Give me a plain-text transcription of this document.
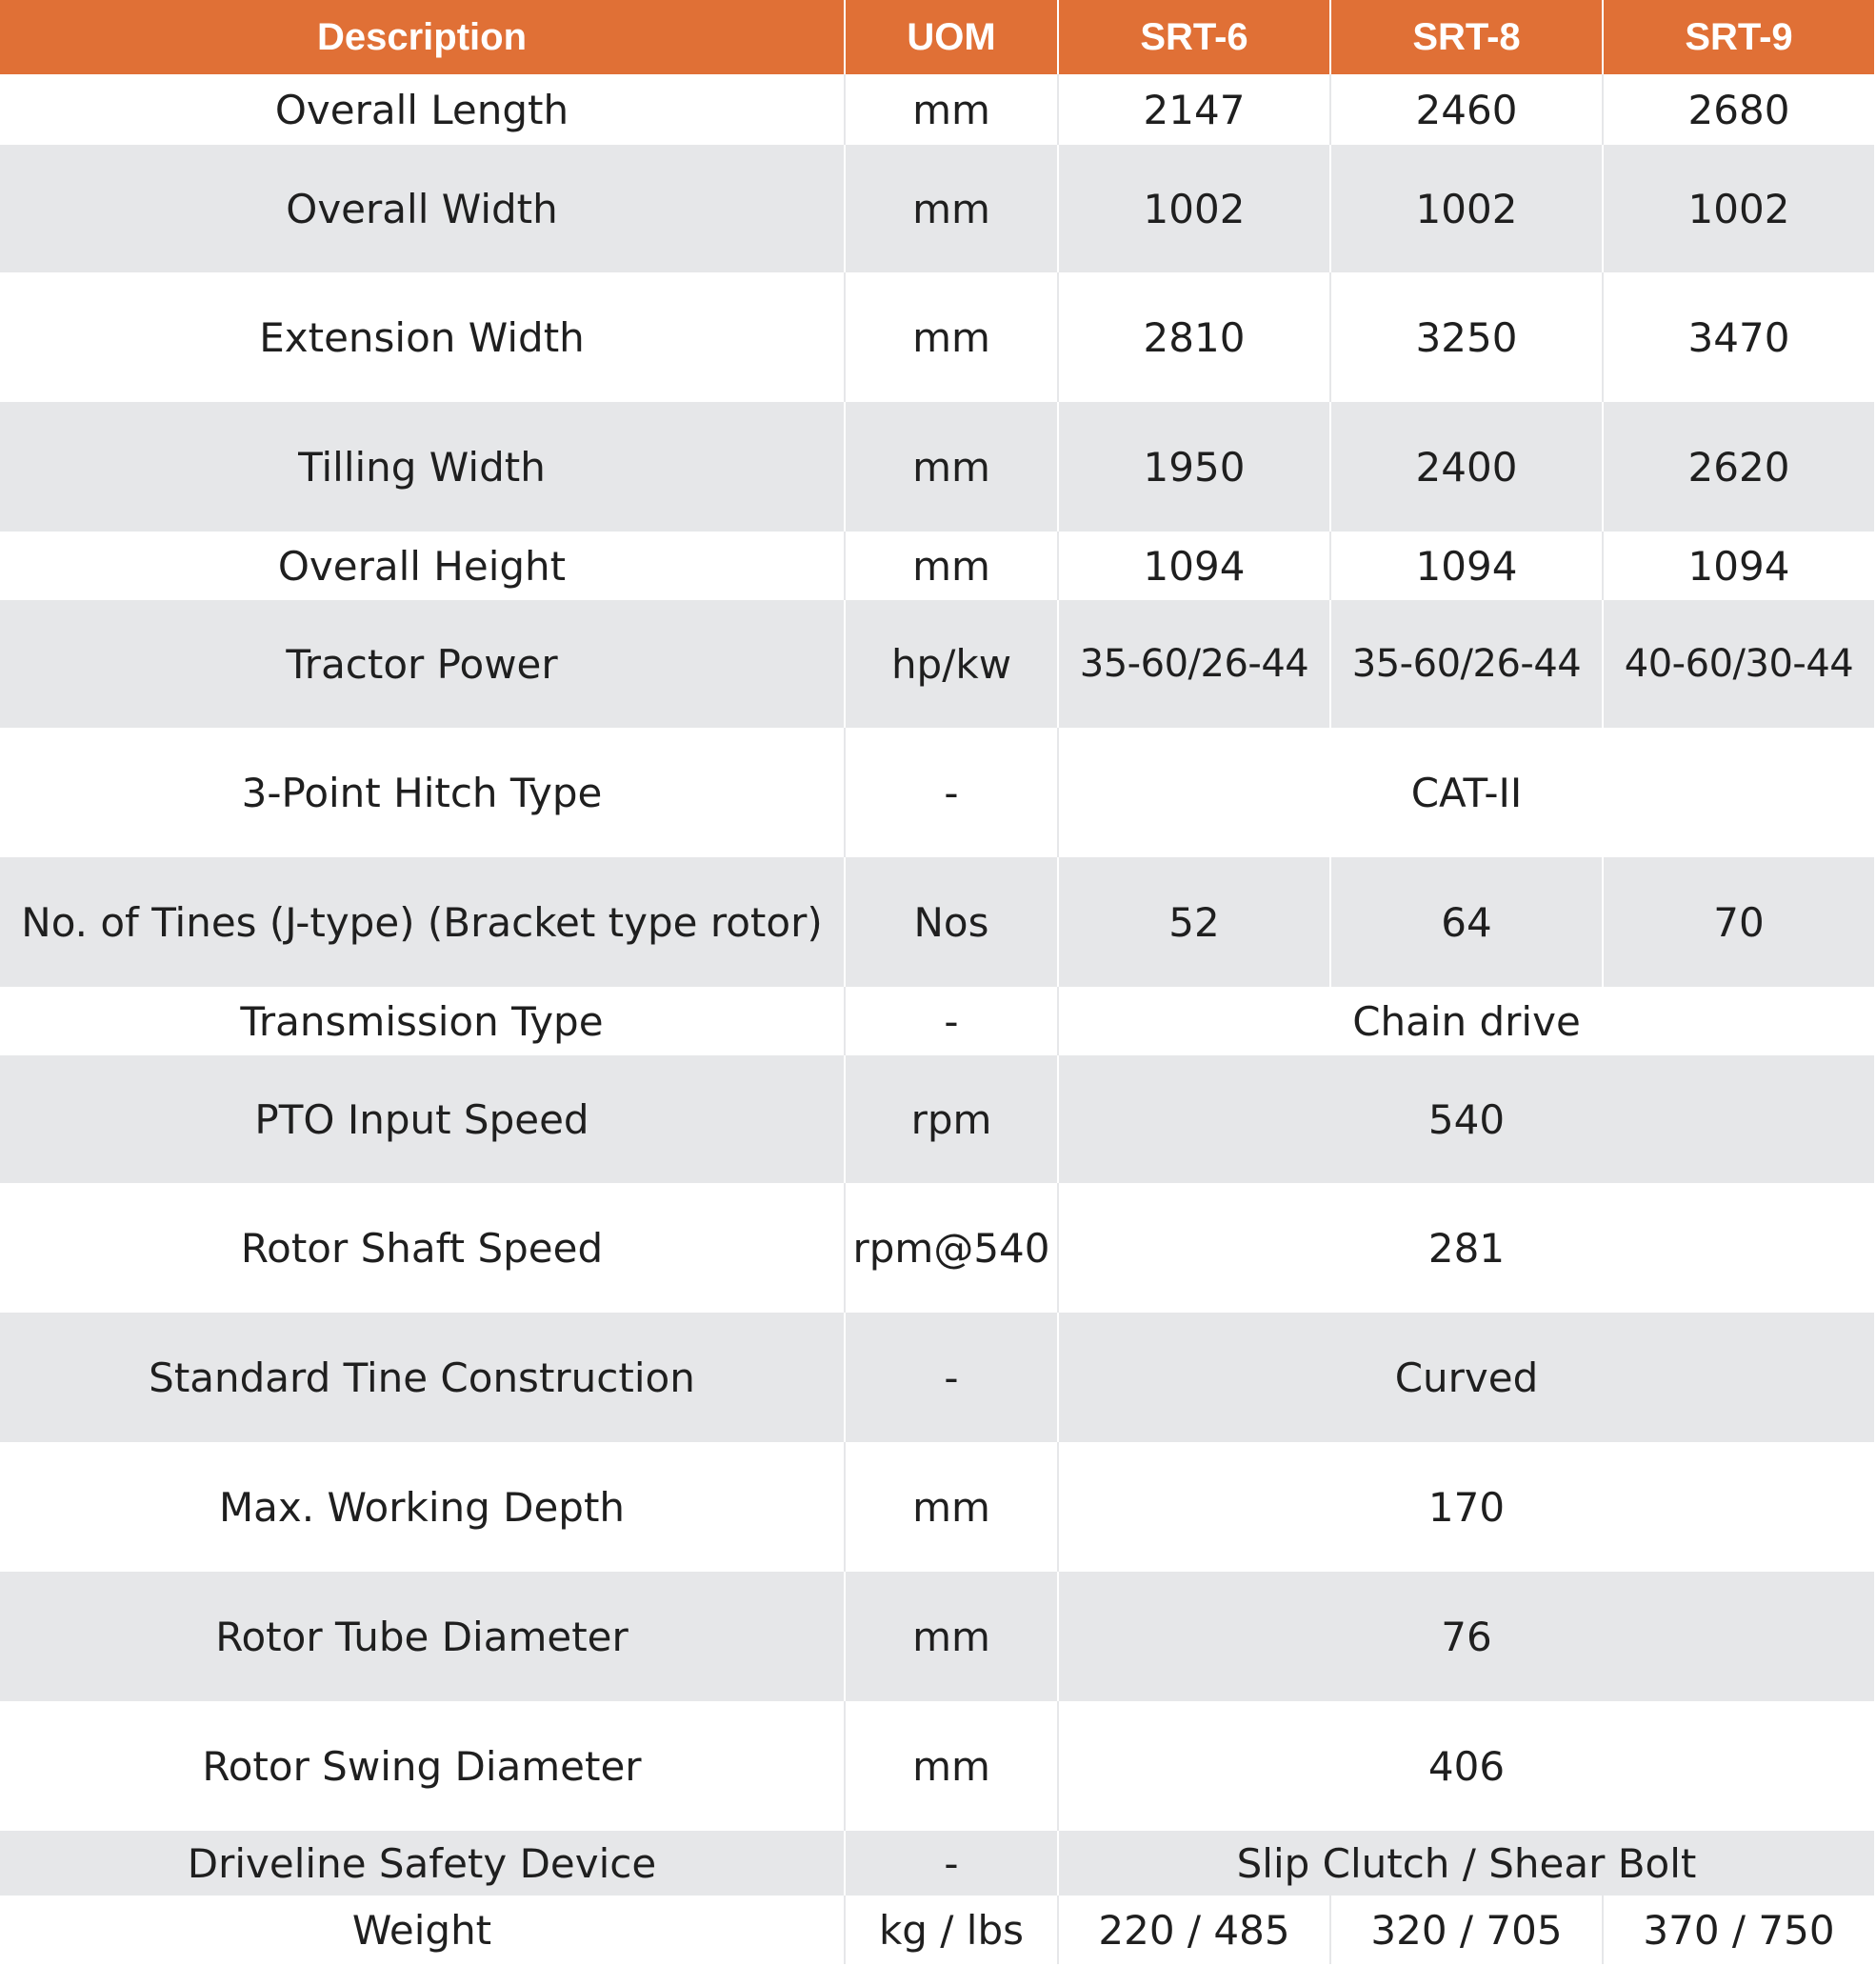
Description	UOM	SRT-6	SRT-8	SRT-9
Overall Length	mm	2147	2460	2680
Overall Width	mm	1002	1002	1002
Extension Width	mm	2810	3250	3470
Tilling Width	mm	1950	2400	2620
Overall Height	mm	1094	1094	1094
Tractor Power	hp/kw	35-60/26-44	35-60/26-44	40-60/30-44
3-Point Hitch Type	-	CAT-II		
No. of Tines (J-type) (Bracket type rotor)	Nos	52	64	70
Transmission Type	-	Chain drive		
PTO Input Speed	rpm	540		
Rotor Shaft Speed	rpm@540	281		
Standard Tine Construction	-	Curved		
Max. Working Depth	mm	170		
Rotor Tube Diameter	mm	76		
Rotor Swing Diameter	mm	406		
Driveline Safety Device	-	Slip Clutch / Shear Bolt		
Weight	kg / lbs	220 / 485	320 / 705	370 / 750
